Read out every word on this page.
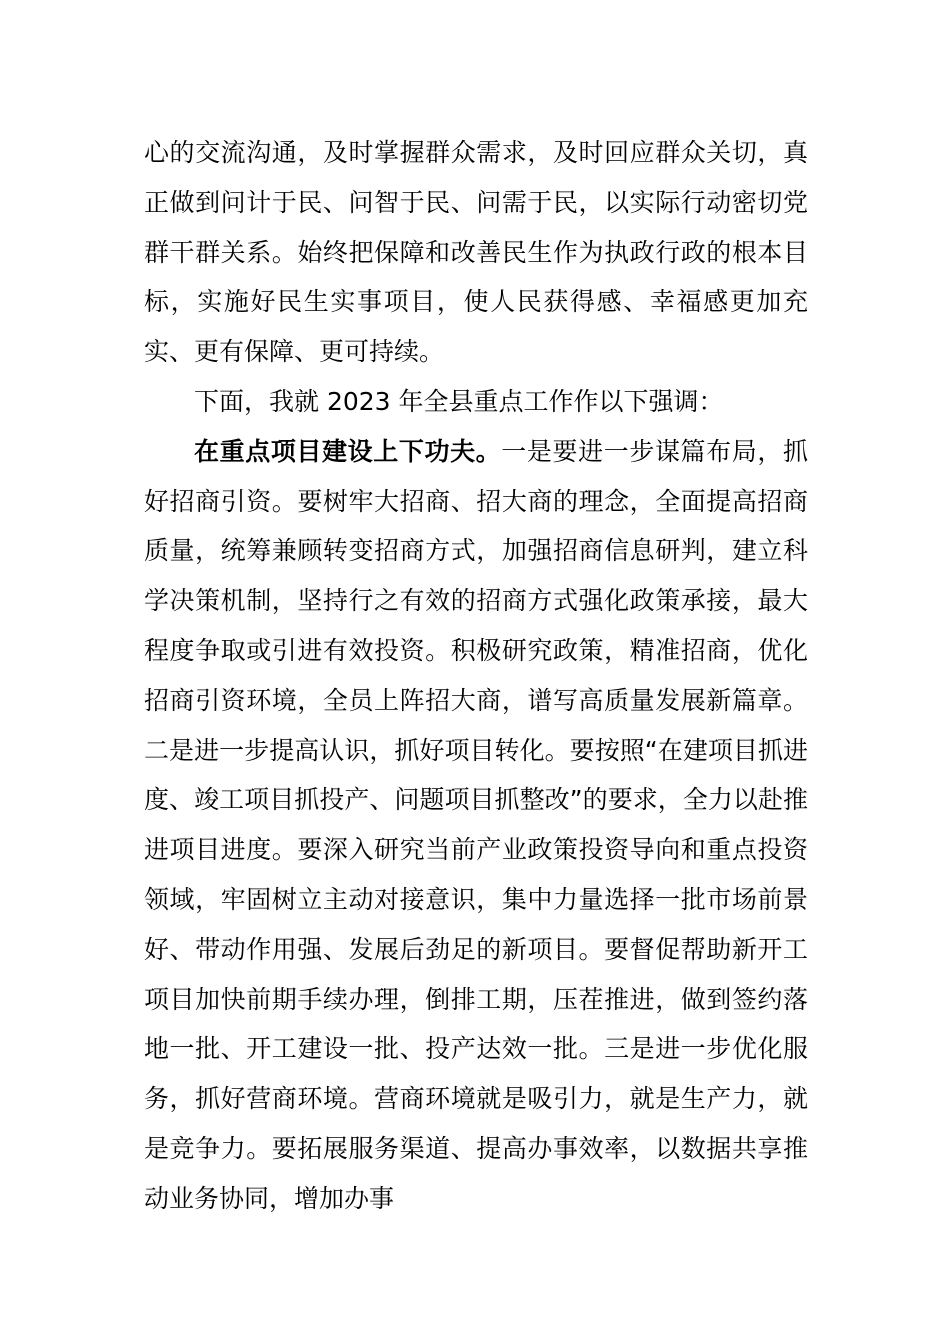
心的交流沟通，及时掌握群众需求，及时回应群众关切，真正做到问计于民、问智于民、问需于民，以实际行动密切党群干群关系。始终把保障和改善民生作为执政行政的根本目标，实施好民生实事项目，使人民获得感、幸福感更加充实、更有保障、更可持续。

下面，我就 2023 年全县重点工作作以下强调：

在重点项目建设上下功夫。一是要进一步谋篇布局，抓好招商引资。要树牢大招商、招大商的理念，全面提高招商质量，统筹兼顾转变招商方式，加强招商信息研判，建立科学决策机制，坚持行之有效的招商方式强化政策承接，最大程度争取或引进有效投资。积极研究政策，精准招商，优化招商引资环境，全员上阵招大商，谱写高质量发展新篇章。二是进一步提高认识，抓好项目转化。要按照“在建项目抓进度、竣工项目抓投产、问题项目抓整改”的要求，全力以赴推进项目进度。要深入研究当前产业政策投资导向和重点投资领域，牢固树立主动对接意识，集中力量选择一批市场前景好、带动作用强、发展后劲足的新项目。要督促帮助新开工项目加快前期手续办理，倒排工期，压茬推进，做到签约落地一批、开工建设一批、投产达效一批。三是进一步优化服务，抓好营商环境。营商环境就是吸引力，就是生产力，就是竞争力。要拓展服务渠道、提高办事效率，以数据共享推动业务协同，增加办事
